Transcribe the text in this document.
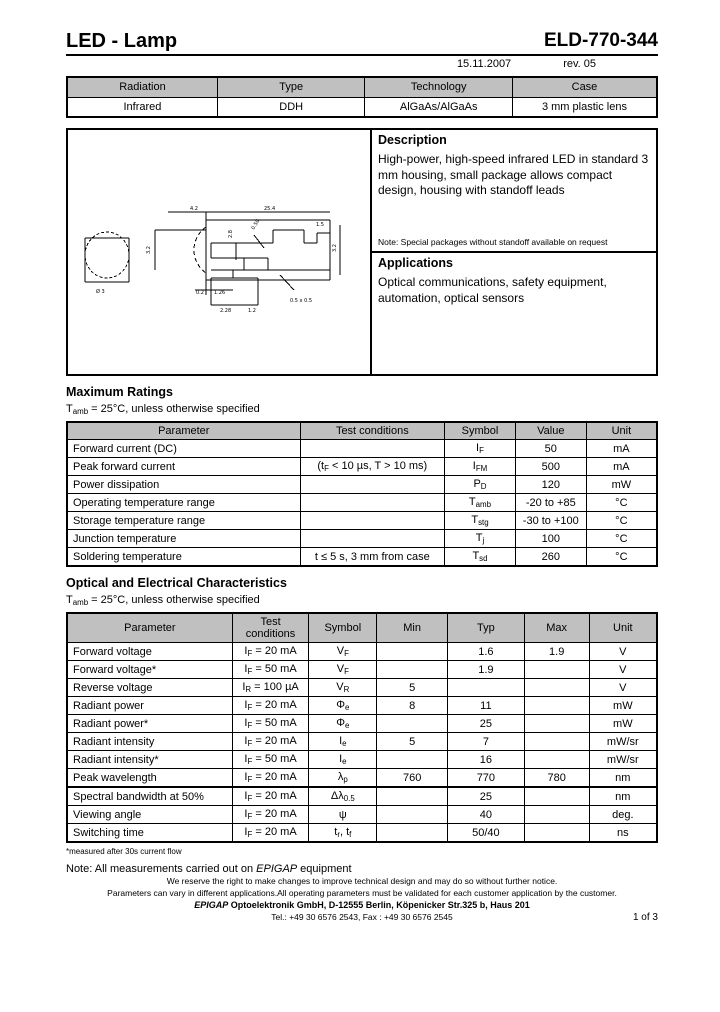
LED - Lamp	ELD-770-344
15.11.2007	rev. 05
Radiation	Type	Technology	Case
Infrared	DDH	AlGaAs/AlGaAs	3 mm plastic lens
4.2	25.4
3.2
2.8
0.58	1.5
3.2
0.2 1.26
2.28	1.2
0.5 x 0.5
Ø 3
Description
High-power, high-speed infrared LED in standard 3 mm housing, small package allows compact design, housing with standoff leads
Note: Special packages without standoff available on request
Applications
Optical communications, safety equipment, automation, optical sensors
Maximum Ratings
$T_{amb} = 25^\circ C$, unless otherwise specified
Parameter	Test conditions	Symbol	Value	Unit
Forward current (DC)		IF	50	mA
Peak forward current	(tF < 10 µs, T > 10 ms)	IFM	500	mA
Power dissipation		PD	120	mW
Operating temperature range		Tamb	-20 to +85	°C
Storage temperature range		Tstg	-30 to +100	°C
Junction temperature		Tj	100	°C
Soldering temperature	t ≤ 5 s, 3 mm from case	Tsd	260	°C
Optical and Electrical Characteristics
$T_{amb} = 25^\circ C$, unless otherwise specified
Parameter	Test conditions	Symbol	Min	Typ	Max	Unit
Forward voltage	IF = 20 mA	VF		1.6	1.9	V
Forward voltage*	IF = 50 mA	VF		1.9		V
Reverse voltage	IR = 100 µA	VR	5			V
Radiant power	IF = 20 mA	Φe	8	11		mW
Radiant power*	IF = 50 mA	Φe		25		mW
Radiant intensity	IF = 20 mA	Ie	5	7		mW/sr
Radiant intensity*	IF = 50 mA	Ie		16		mW/sr
Peak wavelength	IF = 20 mA	λp	760	770	780	nm
Spectral bandwidth at 50%	IF = 20 mA	Δλ0.5		25		nm
Viewing angle	IF = 20 mA	ψ		40		deg.
Switching time	IF = 20 mA	tr, tf		50/40		ns
*measured after 30s current flow
Note: All measurements carried out on EPIGAP equipment
We reserve the right to make changes to improve technical design and may do so without further notice.
Parameters can vary in different applications.All operating parameters must be validated for each customer application by the customer.
EPIGAP Optoelektronik GmbH, D-12555 Berlin, Köpenicker Str.325 b, Haus 201
Tel.: +49 30 6576 2543, Fax : +49 30 6576 2545	1 of 3
